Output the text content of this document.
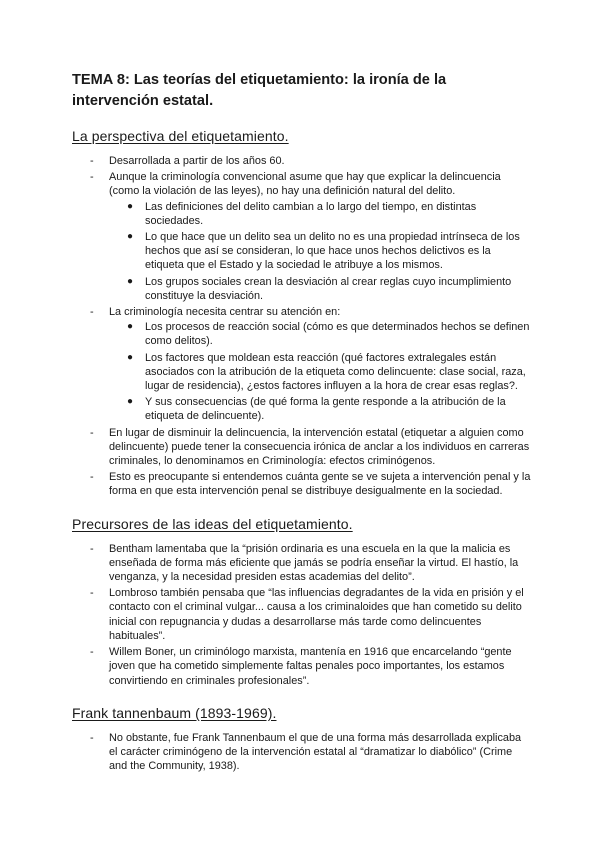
TEMA 8: Las teorías del etiquetamiento: la ironía de la intervención estatal.
La perspectiva del etiquetamiento.
- Desarrollada a partir de los años 60.
- Aunque la criminología convencional asume que hay que explicar la delincuencia (como la violación de las leyes), no hay una definición natural del delito.
● Las definiciones del delito cambian a lo largo del tiempo, en distintas sociedades.
● Lo que hace que un delito sea un delito no es una propiedad intrínseca de los hechos que así se consideran, lo que hace unos hechos delictivos es la etiqueta que el Estado y la sociedad le atribuye a los mismos.
● Los grupos sociales crean la desviación al crear reglas cuyo incumplimiento constituye la desviación.
- La criminología necesita centrar su atención en:
● Los procesos de reacción social (cómo es que determinados hechos se definen como delitos).
● Los factores que moldean esta reacción (qué factores extralegales están asociados con la atribución de la etiqueta como delincuente: clase social, raza, lugar de residencia), ¿estos factores influyen a la hora de crear esas reglas?.
● Y sus consecuencias (de qué forma la gente responde a la atribución de la etiqueta de delincuente).
- En lugar de disminuir la delincuencia, la intervención estatal (etiquetar a alguien como delincuente) puede tener la consecuencia irónica de anclar a los individuos en carreras criminales, lo denominamos en Criminología: efectos criminógenos.
- Esto es preocupante si entendemos cuánta gente se ve sujeta a intervención penal y la forma en que esta intervención penal se distribuye desigualmente en la sociedad.
Precursores de las ideas del etiquetamiento.
- Bentham lamentaba que la “prisión ordinaria es una escuela en la que la malicia es enseñada de forma más eficiente que jamás se podría enseñar la virtud. El hastío, la venganza, y la necesidad presiden estas academias del delito”.
- Lombroso también pensaba que “las influencias degradantes de la vida en prisión y el contacto con el criminal vulgar... causa a los criminaloides que han cometido su delito inicial con repugnancia y dudas a desarrollarse más tarde como delincuentes habituales”.
- Willem Boner, un criminólogo marxista, mantenía en 1916 que encarcelando “gente joven que ha cometido simplemente faltas penales poco importantes, los estamos convirtiendo en criminales profesionales”.
Frank tannenbaum (1893-1969).
- No obstante, fue Frank Tannenbaum el que de una forma más desarrollada explicaba el carácter criminógeno de la intervención estatal al “dramatizar lo diabólico” (Crime and the Community, 1938).
